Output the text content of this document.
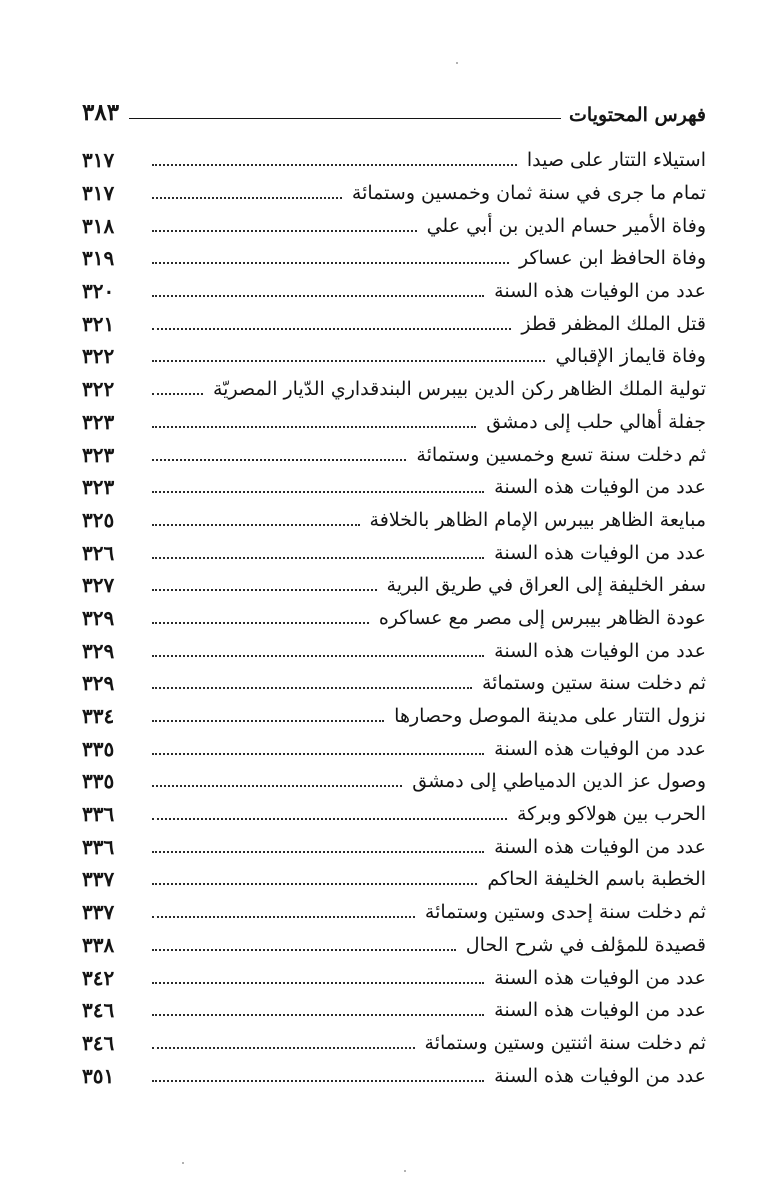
فهرس المحتويات
٣٨٣
استيلاء التتار على صيدا
٣١٧
تمام ما جرى في سنة ثمان وخمسين وستمائة
٣١٧
وفاة الأمير حسام الدين بن أبي علي
٣١٨
وفاة الحافظ ابن عساكر
٣١٩
عدد من الوفيات هذه السنة
٣٢٠
قتل الملك المظفر قطز
٣٢١
وفاة قايماز الإقبالي
٣٢٢
تولية الملك الظاهر ركن الدين بيبرس البندقداري الدّيار المصريّة
٣٢٢
جفلة أهالي حلب إلى دمشق
٣٢٣
ثم دخلت سنة تسع وخمسين وستمائة
٣٢٣
عدد من الوفيات هذه السنة
٣٢٣
مبايعة الظاهر بيبرس الإمام الظاهر بالخلافة
٣٢٥
عدد من الوفيات هذه السنة
٣٢٦
سفر الخليفة إلى العراق في طريق البرية
٣٢٧
عودة الظاهر بيبرس إلى مصر مع عساكره
٣٢٩
عدد من الوفيات هذه السنة
٣٢٩
ثم دخلت سنة ستين وستمائة
٣٢٩
نزول التتار على مدينة الموصل وحصارها
٣٣٤
عدد من الوفيات هذه السنة
٣٣٥
وصول عز الدين الدمياطي إلى دمشق
٣٣٥
الحرب بين هولاكو وبركة
٣٣٦
عدد من الوفيات هذه السنة
٣٣٦
الخطبة باسم الخليفة الحاكم
٣٣٧
ثم دخلت سنة إحدى وستين وستمائة
٣٣٧
قصيدة للمؤلف في شرح الحال
٣٣٨
عدد من الوفيات هذه السنة
٣٤٢
عدد من الوفيات هذه السنة
٣٤٦
ثم دخلت سنة اثنتين وستين وستمائة
٣٤٦
عدد من الوفيات هذه السنة
٣٥١
